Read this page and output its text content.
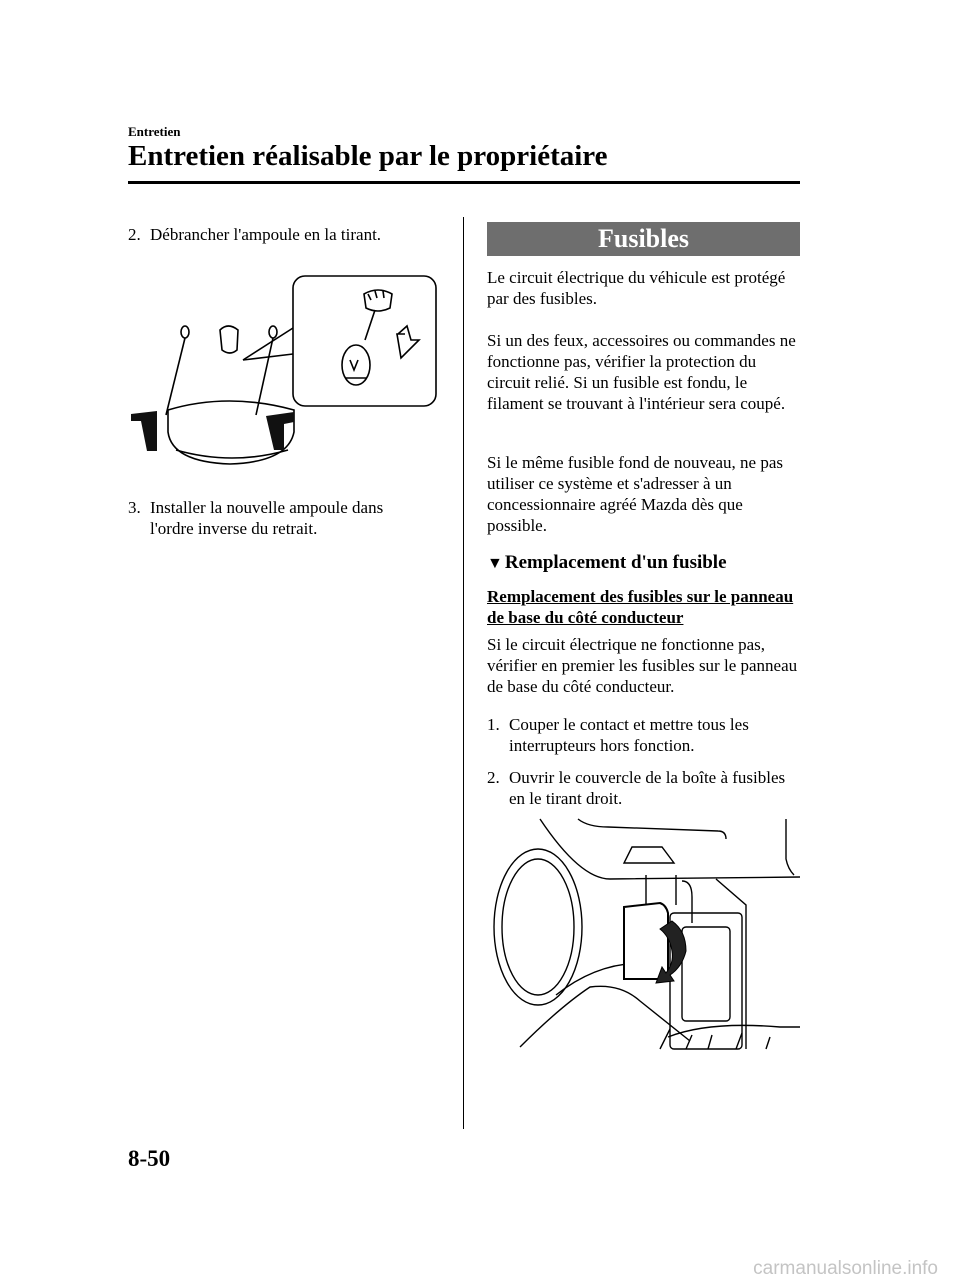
Entretien
Entretien réalisable par le propriétaire
2. Débrancher l'ampoule en la tirant.
3. Installer la nouvelle ampoule dans l'ordre inverse du retrait.
Fusibles
Le circuit électrique du véhicule est protégé par des fusibles.
Si un des feux, accessoires ou commandes ne fonctionne pas, vérifier la protection du circuit relié. Si un fusible est fondu, le filament se trouvant à l'intérieur sera coupé.
Si le même fusible fond de nouveau, ne pas utiliser ce système et s'adresser à un concessionnaire agréé Mazda dès que possible.
▼ Remplacement d'un fusible
Remplacement des fusibles sur le panneau de base du côté conducteur
Si le circuit électrique ne fonctionne pas, vérifier en premier les fusibles sur le panneau de base du côté conducteur.
1. Couper le contact et mettre tous les interrupteurs hors fonction.
2. Ouvrir le couvercle de la boîte à fusibles en le tirant droit.
8-50
carmanualsonline.info
